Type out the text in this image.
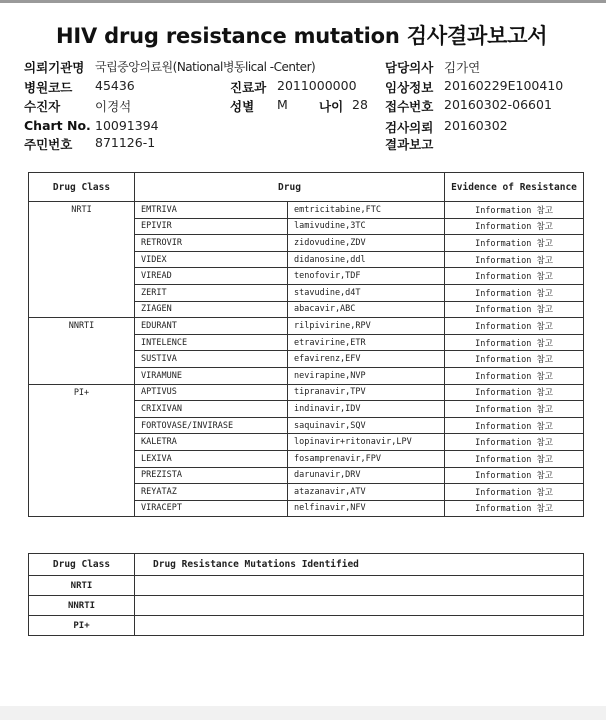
HIV drug resistance mutation 검사결과보고서
의뢰기관명 국립중앙의료원(National병동lical -Center)
병원코드 45436
수진자	이경석
Chart No. 10091394
주민번호 871126-1
진료과 2011000000
성별 M 나이 28
담당의사 김가연
임상정보 20160229E100410
접수번호 20160302-06601
검사의뢰 20160302
결과보고
Drug Class	Drug		Evidence of Resistance
NRTI	EMTRIVA	emtricitabine,FTC	Information 참고
	EPIVIR	lamivudine,3TC	Information 참고
	RETROVIR	zidovudine,ZDV	Information 참고
	VIDEX	didanosine,ddl	Information 참고
	VIREAD	tenofovir,TDF	Information 참고
	ZERIT	stavudine,d4T	Information 참고
	ZIAGEN	abacavir,ABC	Information 참고
NNRTI	EDURANT	rilpivirine,RPV	Information 참고
	INTELENCE	etravirine,ETR	Information 참고
	SUSTIVA	efavirenz,EFV	Information 참고
	VIRAMUNE	nevirapine,NVP	Information 참고
PI+	APTIVUS	tipranavir,TPV	Information 참고
	CRIXIVAN	indinavir,IDV	Information 참고
	FORTOVASE/INVIRASE	saquinavir,SQV	Information 참고
	KALETRA	lopinavir+ritonavir,LPV	Information 참고
	LEXIVA	fosamprenavir,FPV	Information 참고
	PREZISTA	darunavir,DRV	Information 참고
	REYATAZ	atazanavir,ATV	Information 참고
	VIRACEPT	nelfinavir,NFV	Information 참고
Drug Class	Drug Resistance Mutations Identified
NRTI	
NNRTI	
PI+	
